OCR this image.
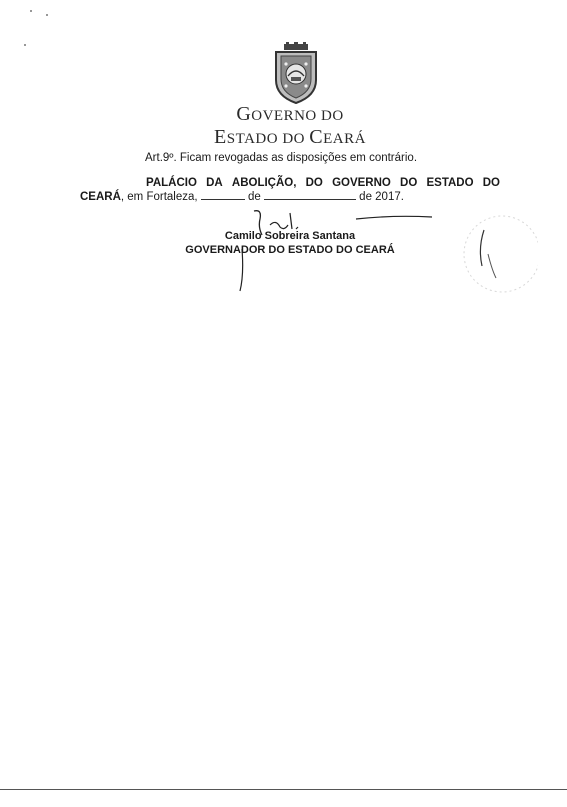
GOVERNO DO
ESTADO DO CEARÁ
Art.9º. Ficam revogadas as disposições em contrário.
PALÁCIO DA ABOLIÇÃO, DO GOVERNO DO ESTADO DO
CEARÁ, em Fortaleza,	de	de 2017.
Camilo Sobreira Santana
GOVERNADOR DO ESTADO DO CEARÁ
